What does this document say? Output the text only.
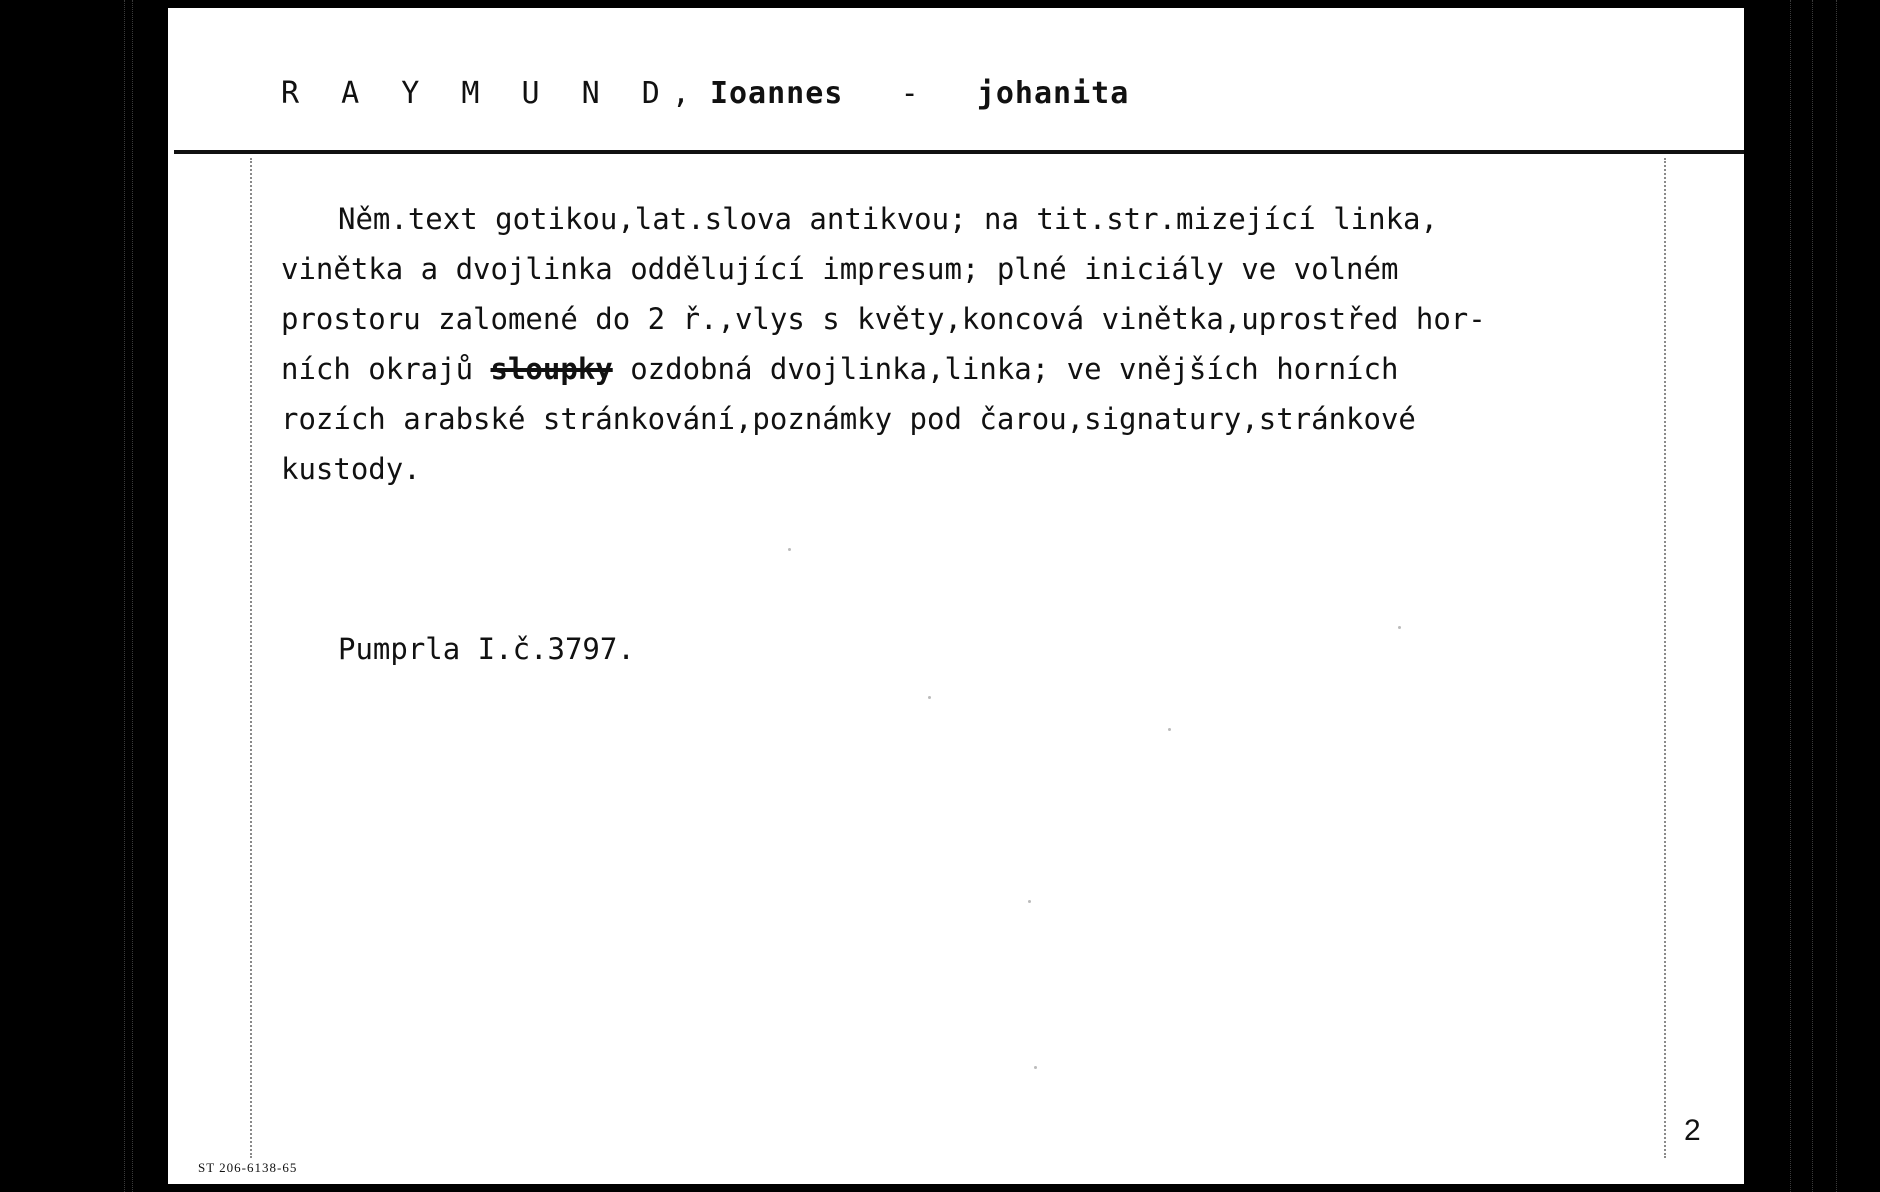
R A Y M U N D, Ioannes - johanita

Něm.text gotikou,lat.slova antikvou; na tit.str.mizející linka,

vinětka a dvojlinka oddělující impresum; plné iniciály ve volném

prostoru zalomené do 2 ř.,vlys s květy,koncová vinětka,uprostřed hor-

ních okrajů sloupky ozdobná dvojlinka,linka; ve vnějších horních

rozích arabské stránkování,poznámky pod čarou,signatury,stránkové

kustody.

Pumprla I.č.3797.
2
ST 206-6138-65
